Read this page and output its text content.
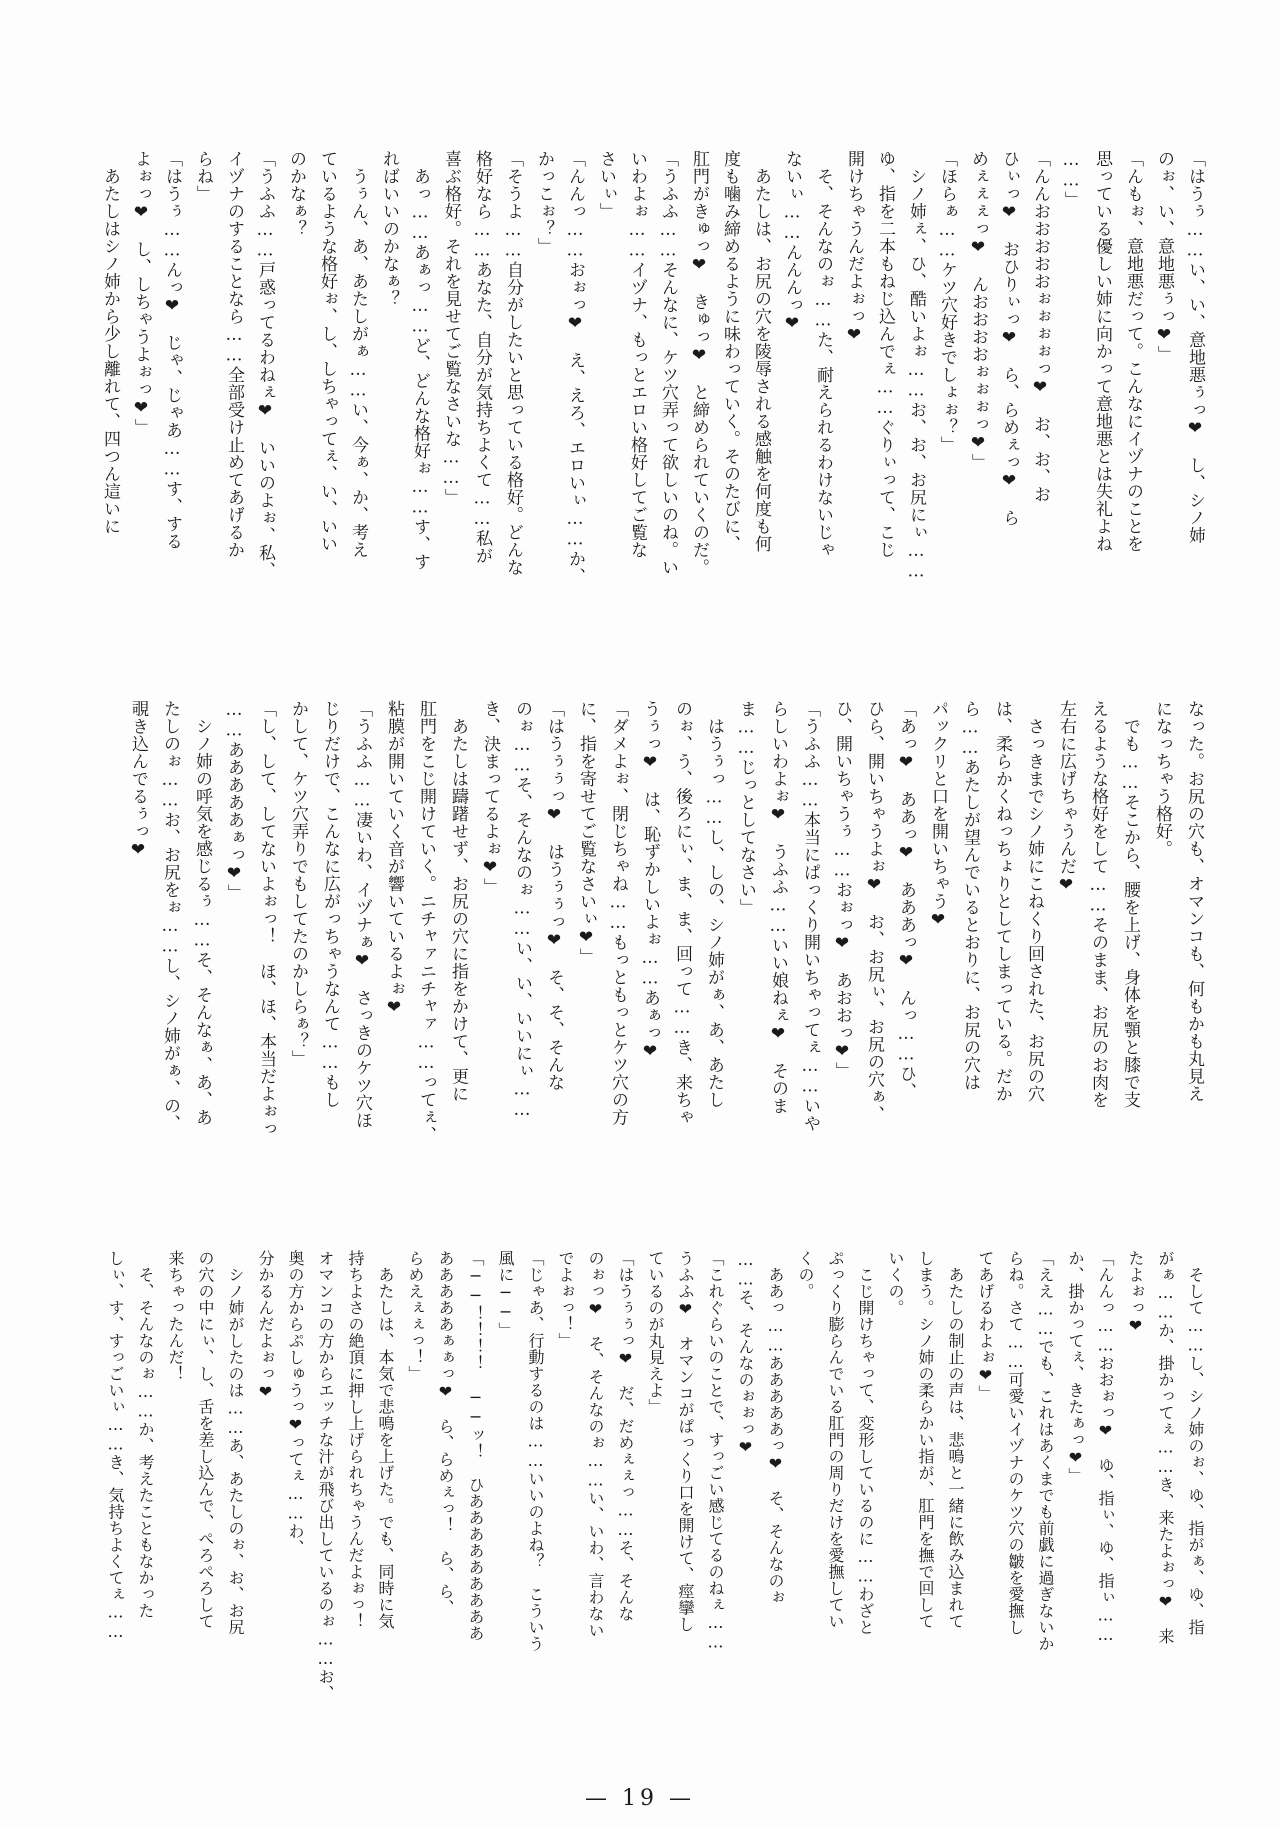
「はうぅ……い、い、意地悪ぅっ❤　し、シノ姉
のぉ、い、意地悪ぅっ❤」
「んもぉ、意地悪だって。こんなにイヅナのことを
思っている優しい姉に向かって意地悪とは失礼よね
……」
「んんおおおおおぉぉぉぉっ❤　お、お、お
ひぃっ❤　おひりぃっ❤　ら、らめぇっ❤　ら
めぇぇぇっ❤　んおおおおぉぉぉっ❤」
「ほらぁ……ケツ穴好きでしょぉ？」
　シノ姉ぇ、ひ、酷いよぉ……お、お、お尻にぃ……
ゆ、指を二本もねじ込んでぇ……ぐりぃって、こじ
開けちゃうんだよぉっ❤
　そ、そんなのぉ……た、耐えられるわけないじゃ
ないぃ……んんんっ❤
　あたしは、お尻の穴を陵辱される感触を何度も何
度も噛み締めるように味わっていく。そのたびに、
肛門がきゅっ❤　きゅっ❤　と締められていくのだ。
「うふふ……そんなに、ケツ穴弄って欲しいのね。い
いわよぉ……イヅナ、もっとエロい格好してご覧な
さいぃ」
「んんっ……おぉっ❤　え、えろ、エロいぃ……か、
かっこぉ？」
「そうよ……自分がしたいと思っている格好。どんな
格好なら……あなた、自分が気持ちよくて……私が
喜ぶ格好。それを見せてご覧なさいな……」
　あっ……あぁっ……ど、どんな格好ぉ……す、す
ればいいのかなぁ？
　うぅん、あ、あたしがぁ……い、今ぁ、か、考え
ているような格好ぉ、し、しちゃってぇ、い、いい
のかなぁ？
「うふふ……戸惑ってるわねぇ❤　いいのよぉ、私、
イヅナのすることなら……全部受け止めてあげるか
らね」
「はうぅ……んっ❤　じゃ、じゃあ……す、する
よぉっ❤　し、しちゃうよぉっ❤」
　あたしはシノ姉から少し離れて、四つん這いに
なった。お尻の穴も、オマンコも、何もかも丸見え
になっちゃう格好。
　でも……そこから、腰を上げ、身体を顎と膝で支
えるような格好をして……そのまま、お尻のお肉を
左右に広げちゃうんだ❤
　さっきまでシノ姉にこねくり回された、お尻の穴
は、柔らかくねっちょりとしてしまっている。だか
ら……あたしが望んでいるとおりに、お尻の穴は
パックリと口を開いちゃう❤
「あっ❤　ああっ❤　あああっ❤　んっ……ひ、
ひら、開いちゃうよぉ❤　お、お尻ぃ、お尻の穴ぁ、
ひ、開いちゃうぅ……おぉっ❤　あおおっ❤」
「うふふ……本当にぱっくり開いちゃってぇ……いや
らしいわよぉ❤　うふふ……いい娘ねぇ❤　そのま
ま……じっとしてなさい」
　はうぅっ……し、しの、シノ姉がぁ、あ、あたし
のぉ、う、後ろにぃ、ま、ま、回って……き、来ちゃ
うぅっ❤　は、恥ずかしいよぉ……あぁっ❤
「ダメよぉ、閉じちゃね……もっともっとケツ穴の方
に、指を寄せてご覧なさいぃ❤」
「はうぅぅっ❤　はうぅぅっ❤　そ、そ、そんな
のぉ……そ、そんなのぉ……い、い、いいにぃ……
き、決まってるよぉ❤」
　あたしは躊躇せず、お尻の穴に指をかけて、更に
肛門をこじ開けていく。ニチャァニチャァ……ってぇ、
粘膜が開いていく音が響いているよぉ❤
「うふふ……凄いわ、イヅナぁ❤　さっきのケツ穴ほ
じりだけで、こんなに広がっちゃうなんて……もし
かして、ケツ穴弄りでもしてたのかしらぁ？」
「し、して、してないよぉっ！　ほ、ほ、本当だよぉっ
……あああああぁっ❤」
　シノ姉の呼気を感じるぅ……そ、そんなぁ、あ、あ
たしのぉ……お、お尻をぉ……し、シノ姉がぁ、の、
覗き込んでるぅっ❤
　そして……し、シノ姉のぉ、ゆ、指がぁ、ゆ、指
がぁ……か、掛かってぇ……き、来たよぉっ❤　来
たよぉっ❤
「んんっ……おおぉっ❤　ゆ、指ぃ、ゆ、指ぃ……
か、掛かってぇ、きたぁっ❤」
「ええ……でも、これはあくまでも前戯に過ぎないか
らね。さて……可愛いイヅナのケツ穴の皺を愛撫し
てあげるわよぉ❤」
　あたしの制止の声は、悲鳴と一緒に飲み込まれて
しまう。シノ姉の柔らかい指が、肛門を撫で回して
いくの。
　こじ開けちゃって、変形しているのに……わざと
ぷっくり膨らんでいる肛門の周りだけを愛撫してい
くの。
　ああっ……あああああっ❤　そ、そんなのぉ
……そ、そんなのぉぉっ❤
「これぐらいのことで、すっごい感じてるのねぇ……
うふふ❤　オマンコがぱっくり口を開けて、痙攣し
ているのが丸見えよ」
「はうぅぅっ❤　だ、だめぇぇっ……そ、そんな
のぉっ❤　そ、そんなのぉ……い、いわ、言わない
でよぉっ！」
「じゃあ、行動するのは……いいのよね？　こういう
風に──」
「──！！！！　──ッ！　ひあああああああああ
あああああぁぁっ❤　ら、らめぇっ！　ら、ら、
らめえぇぇっ！」
　あたしは、本気で悲鳴を上げた。でも、同時に気
持ちよさの絶頂に押し上げられちゃうんだよぉっ！
オマンコの方からエッチな汁が飛び出しているのぉ……お、
奥の方からぷしゅうっ❤ってぇ……わ、
分かるんだよぉっ❤
　シノ姉がしたのは……あ、あたしのぉ、お、お尻
の穴の中にぃ、し、舌を差し込んで、ぺろぺろして
来ちゃったんだ！
　そ、そんなのぉ……か、考えたこともなかった
しぃ、す、すっごいぃ……き、気持ちよくてぇ……
— 19 —
